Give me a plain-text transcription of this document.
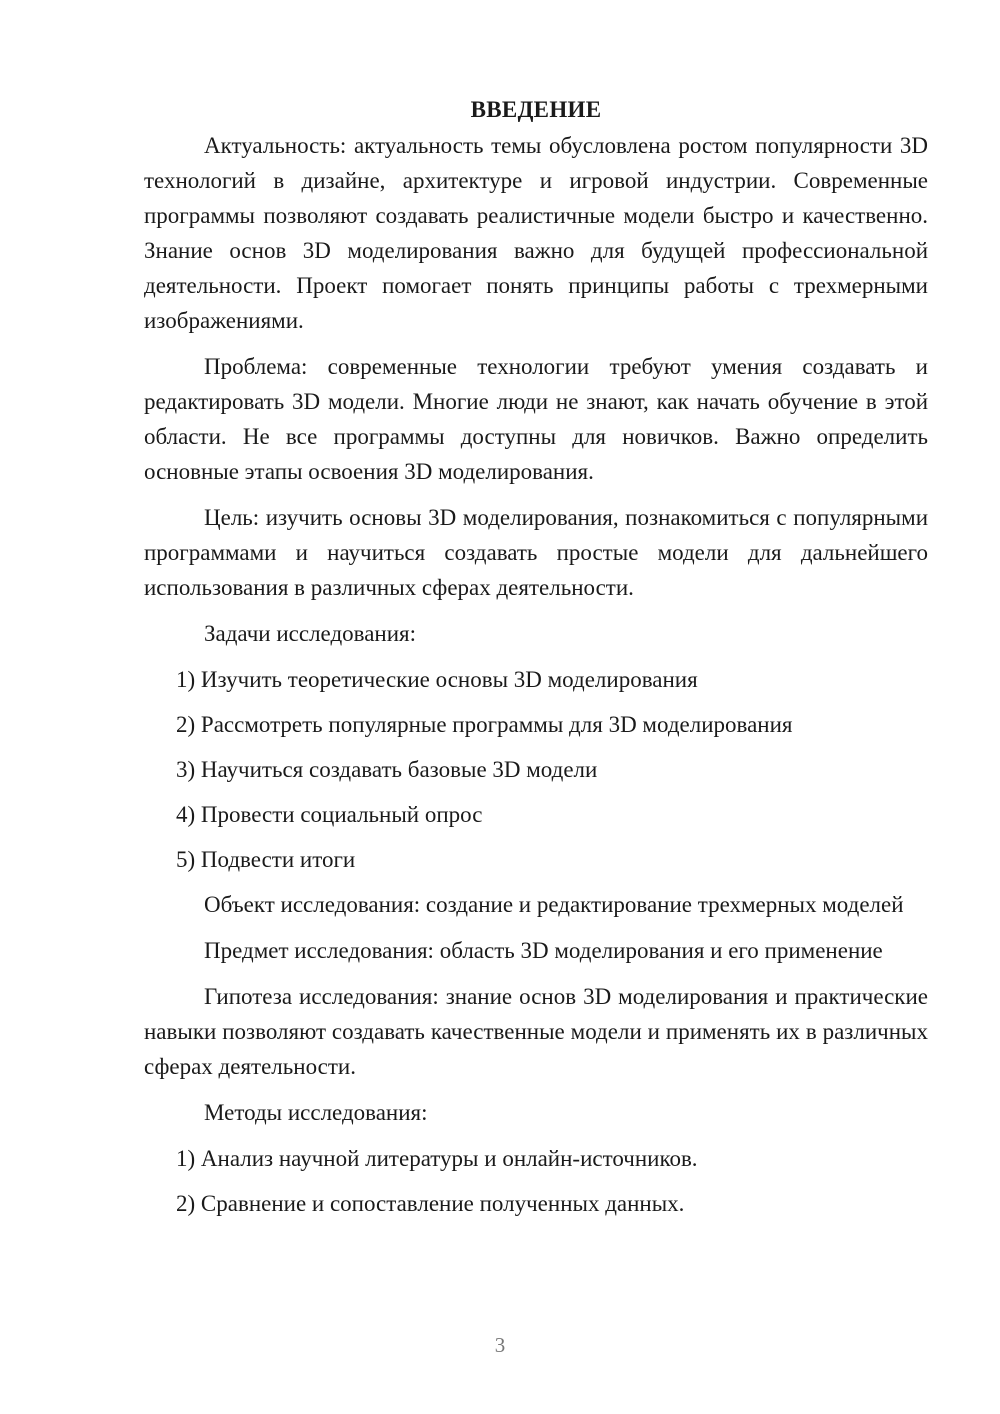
ВВЕДЕНИЕ

Актуальность: актуальность темы обусловлена ростом популярности 3D технологий в дизайне, архитектуре и игровой индустрии. Современные программы позволяют создавать реалистичные модели быстро и качественно. Знание основ 3D моделирования важно для будущей профессиональной деятельности. Проект помогает понять принципы работы с трехмерными изображениями.

Проблема: современные технологии требуют умения создавать и редактировать 3D модели. Многие люди не знают, как начать обучение в этой области. Не все программы доступны для новичков. Важно определить основные этапы освоения 3D моделирования.

Цель: изучить основы 3D моделирования, познакомиться с популярными программами и научиться создавать простые модели для дальнейшего использования в различных сферах деятельности.

Задачи исследования:

1) Изучить теоретические основы 3D моделирования
2) Рассмотреть популярные программы для 3D моделирования
3) Научиться создавать базовые 3D модели
4) Провести социальный опрос
5) Подвести итоги

Объект исследования: создание и редактирование трехмерных моделей

Предмет исследования: область 3D моделирования и его применение

Гипотеза исследования: знание основ 3D моделирования и практические навыки позволяют создавать качественные модели и применять их в различных сферах деятельности.

Методы исследования:

1) Анализ научной литературы и онлайн-источников.
2) Сравнение и сопоставление полученных данных.
3
